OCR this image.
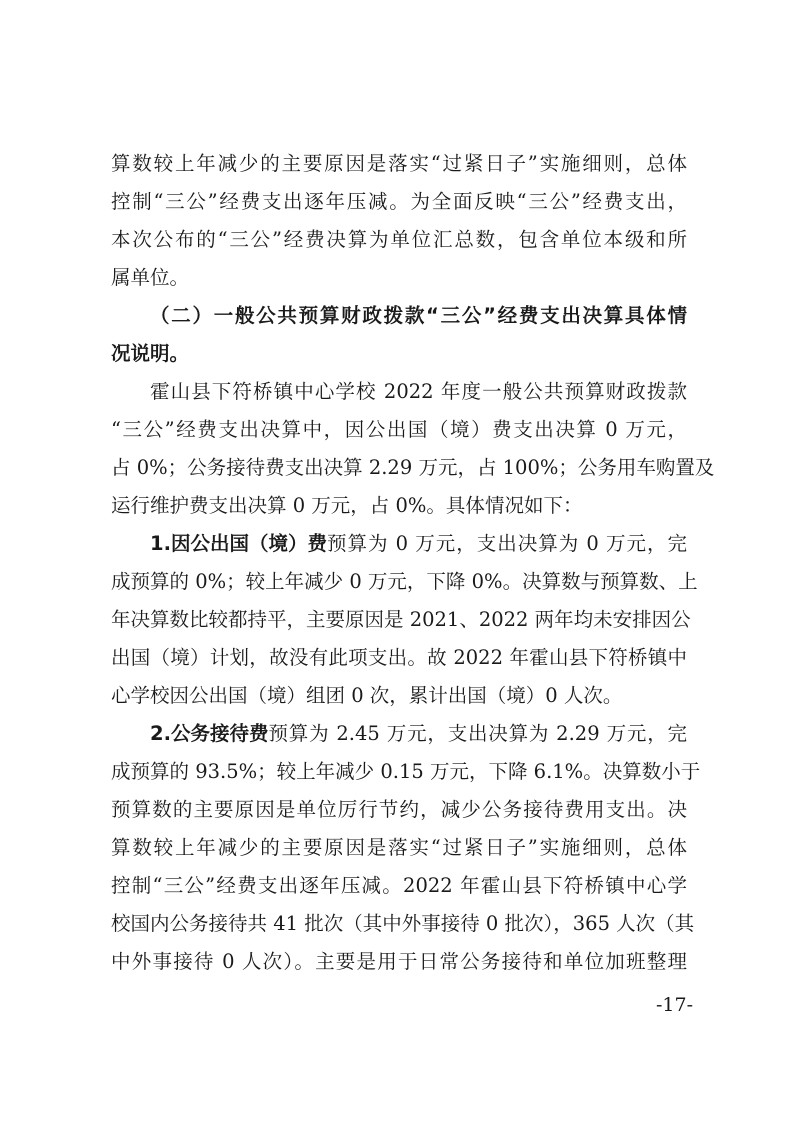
算数较上年减少的主要原因是落实“过紧日子”实施细则，总体
控制“三公”经费支出逐年压减。为全面反映“三公”经费支出，
本次公布的“三公”经费决算为单位汇总数，包含单位本级和所
属单位。
（二）一般公共预算财政拨款“三公”经费支出决算具体情
况说明。
霍山县下符桥镇中心学校 2022 年度一般公共预算财政拨款
“三公”经费支出决算中，因公出国（境）费支出决算 0 万元，
占 0%；公务接待费支出决算 2.29 万元，占 100%；公务用车购置及
运行维护费支出决算 0 万元，占 0%。具体情况如下：
1.因公出国（境）费 预算为 0 万元，支出决算为 0 万元，完
成预算的 0%；较上年减少 0 万元，下降 0%。决算数与预算数、上
年决算数比较都持平，主要原因是 2021、2022 两年均未安排因公
出国（境）计划，故没有此项支出。故 2022 年霍山县下符桥镇中
心学校因公出国（境）组团 0 次，累计出国（境）0 人次。
2.公务接待费 预算为 2.45 万元，支出决算为 2.29 万元，完
成预算的 93.5%；较上年减少 0.15 万元，下降 6.1%。决算数小于
预算数的主要原因是单位厉行节约，减少公务接待费用支出。决
算数较上年减少的主要原因是落实“过紧日子”实施细则，总体
控制“三公”经费支出逐年压减。2022 年霍山县下符桥镇中心学
校国内公务接待共 41 批次（其中外事接待 0 批次），365 人次（其
中外事接待 0 人次）。主要是用于日常公务接待和单位加班整理
-17-
